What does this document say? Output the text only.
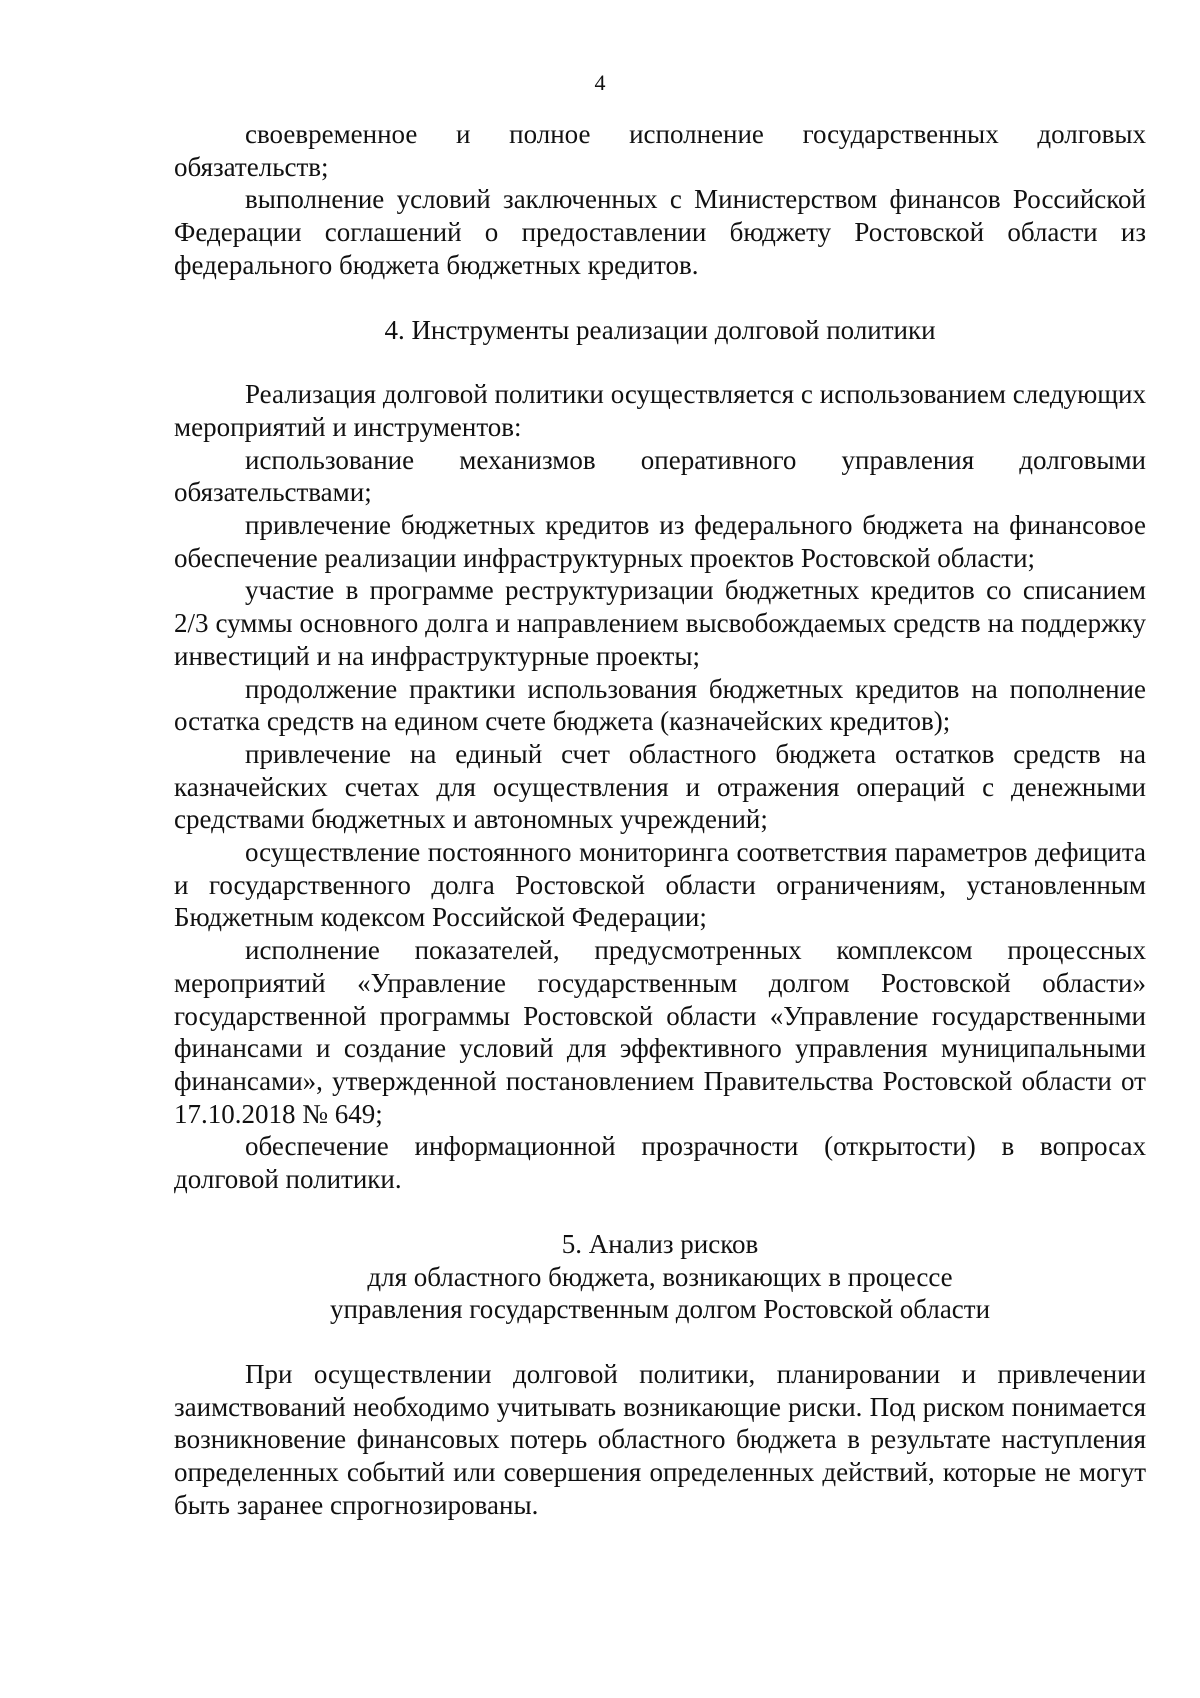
4

своевременное и полное исполнение государственных долговых обязательств;

выполнение условий заключенных с Министерством финансов Российской Федерации соглашений о предоставлении бюджету Ростовской области из федерального бюджета бюджетных кредитов.

4. Инструменты реализации долговой политики

Реализация долговой политики осуществляется с использованием следующих мероприятий и инструментов:

использование механизмов оперативного управления долговыми обязательствами;

привлечение бюджетных кредитов из федерального бюджета на финансовое обеспечение реализации инфраструктурных проектов Ростовской области;

участие в программе реструктуризации бюджетных кредитов со списанием 2/3 суммы основного долга и направлением высвобождаемых средств на поддержку инвестиций и на инфраструктурные проекты;

продолжение практики использования бюджетных кредитов на пополнение остатка средств на едином счете бюджета (казначейских кредитов);

привлечение на единый счет областного бюджета остатков средств на казначейских счетах для осуществления и отражения операций с денежными средствами бюджетных и автономных учреждений;

осуществление постоянного мониторинга соответствия параметров дефицита и государственного долга Ростовской области ограничениям, установленным Бюджетным кодексом Российской Федерации;

исполнение показателей, предусмотренных комплексом процессных мероприятий «Управление государственным долгом Ростовской области» государственной программы Ростовской области «Управление государственными финансами и создание условий для эффективного управления муниципальными финансами», утвержденной постановлением Правительства Ростовской области от 17.10.2018 № 649;

обеспечение информационной прозрачности (открытости) в вопросах долговой политики.

5. Анализ рисков
для областного бюджета, возникающих в процессе
управления государственным долгом Ростовской области

При осуществлении долговой политики, планировании и привлечении заимствований необходимо учитывать возникающие риски. Под риском понимается возникновение финансовых потерь областного бюджета в результате наступления определенных событий или совершения определенных действий, которые не могут быть заранее спрогнозированы.
